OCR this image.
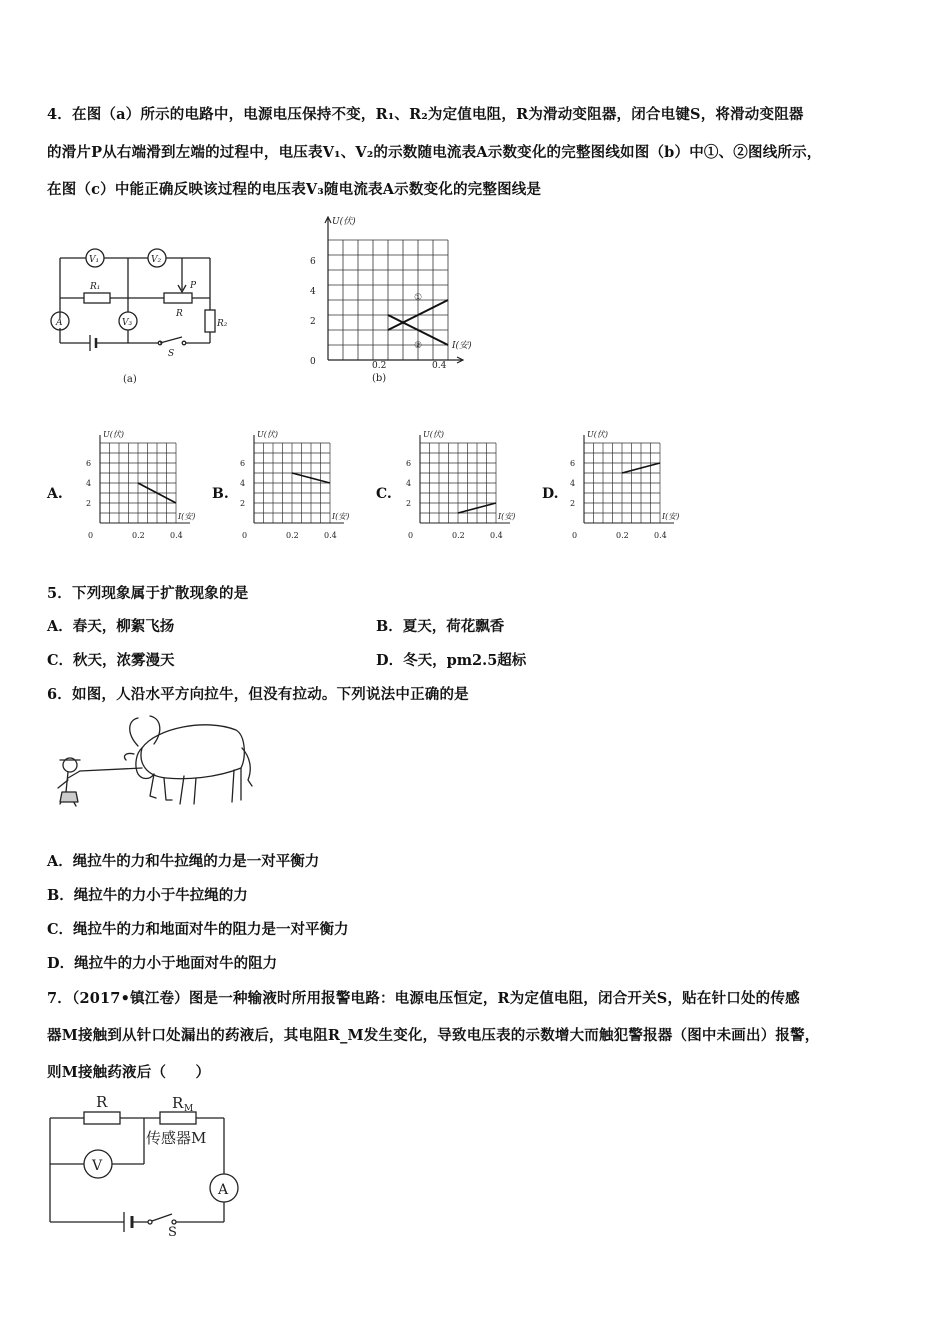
4．在图（a）所示的电路中，电源电压保持不变，R₁、R₂为定值电阻，R为滑动变阻器，闭合电键S，将滑动变阻器
的滑片P从右端滑到左端的过程中，电压表V₁、V₂的示数随电流表A示数变化的完整图线如图（b）中①、②图线所示，
在图（c）中能正确反映该过程的电压表V₃随电流表A示数变化的完整图线是
V₁	V₂
V₃
A
R₁
R
R₂
P
S
(a)
U(伏)
I(安)
6
4
2
0	0.2	0.4
①
②
(b)
A.	B.	C.	D.
U(伏)
I(安)
6
4
2
0	0.2	0.4
U(伏)
I(安)
6
4
2
0	0.2	0.4
U(伏)
I(安)
6
4
2
0	0.2	0.4
U(伏)
I(安)
6
4
2
0	0.2	0.4
5．下列现象属于扩散现象的是
A．春天，柳絮飞扬	B．夏天，荷花飘香
C．秋天，浓雾漫天	D．冬天，pm2.5超标
6．如图，人沿水平方向拉牛，但没有拉动。下列说法中正确的是
A．绳拉牛的力和牛拉绳的力是一对平衡力
B．绳拉牛的力小于牛拉绳的力
C．绳拉牛的力和地面对牛的阻力是一对平衡力
D．绳拉牛的力小于地面对牛的阻力
7．（2017•镇江卷）图是一种输液时所用报警电路：电源电压恒定，R为定值电阻，闭合开关S，贴在针口处的传感
器M接触到从针口处漏出的药液后，其电阻R_M发生变化，导致电压表的示数增大而触犯警报器（图中未画出）报警，
则M接触药液后（　　）
R	R M
传感器M
V
A
S
